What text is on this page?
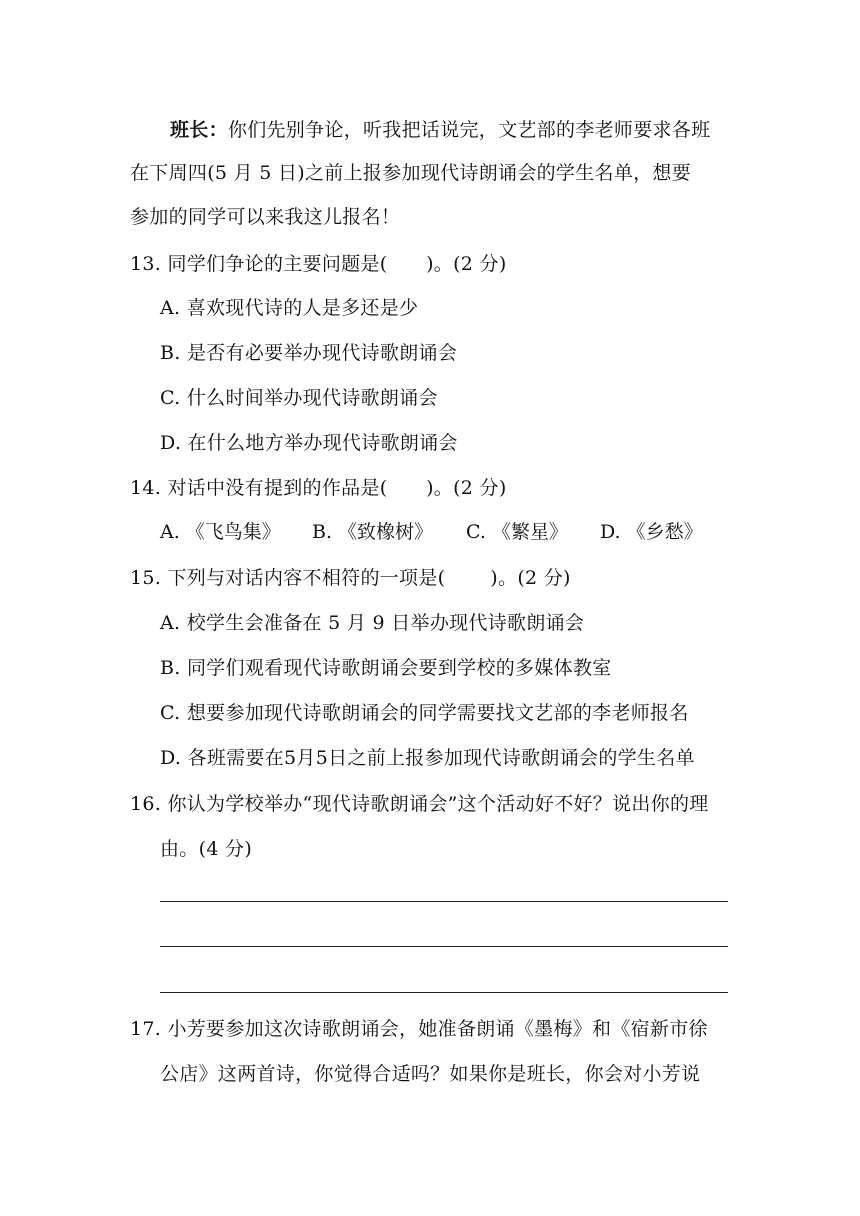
班长：你们先别争论，听我把话说完，文艺部的李老师要求各班
在下周四(5 月 5 日)之前上报参加现代诗朗诵会的学生名单，想要
参加的同学可以来我这儿报名！
13. 同学们争论的主要问题是(　　)。(2 分)
A. 喜欢现代诗的人是多还是少
B. 是否有必要举办现代诗歌朗诵会
C. 什么时间举办现代诗歌朗诵会
D. 在什么地方举办现代诗歌朗诵会
14. 对话中没有提到的作品是(　　)。(2 分)
A. 《飞鸟集》 B. 《致橡树》 C. 《繁星》 D. 《乡愁》
15. 下列与对话内容不相符的一项是(　　 )。(2 分)
A. 校学生会准备在 5 月 9 日举办现代诗歌朗诵会
B. 同学们观看现代诗歌朗诵会要到学校的多媒体教室
C. 想要参加现代诗歌朗诵会的同学需要找文艺部的李老师报名
D. 各班需要在5月5日之前上报参加现代诗歌朗诵会的学生名单
16. 你认为学校举办“现代诗歌朗诵会”这个活动好不好？说出你的理
由。(4 分)
17. 小芳要参加这次诗歌朗诵会，她准备朗诵《墨梅》和《宿新市徐
公店》这两首诗，你觉得合适吗？如果你是班长，你会对小芳说
